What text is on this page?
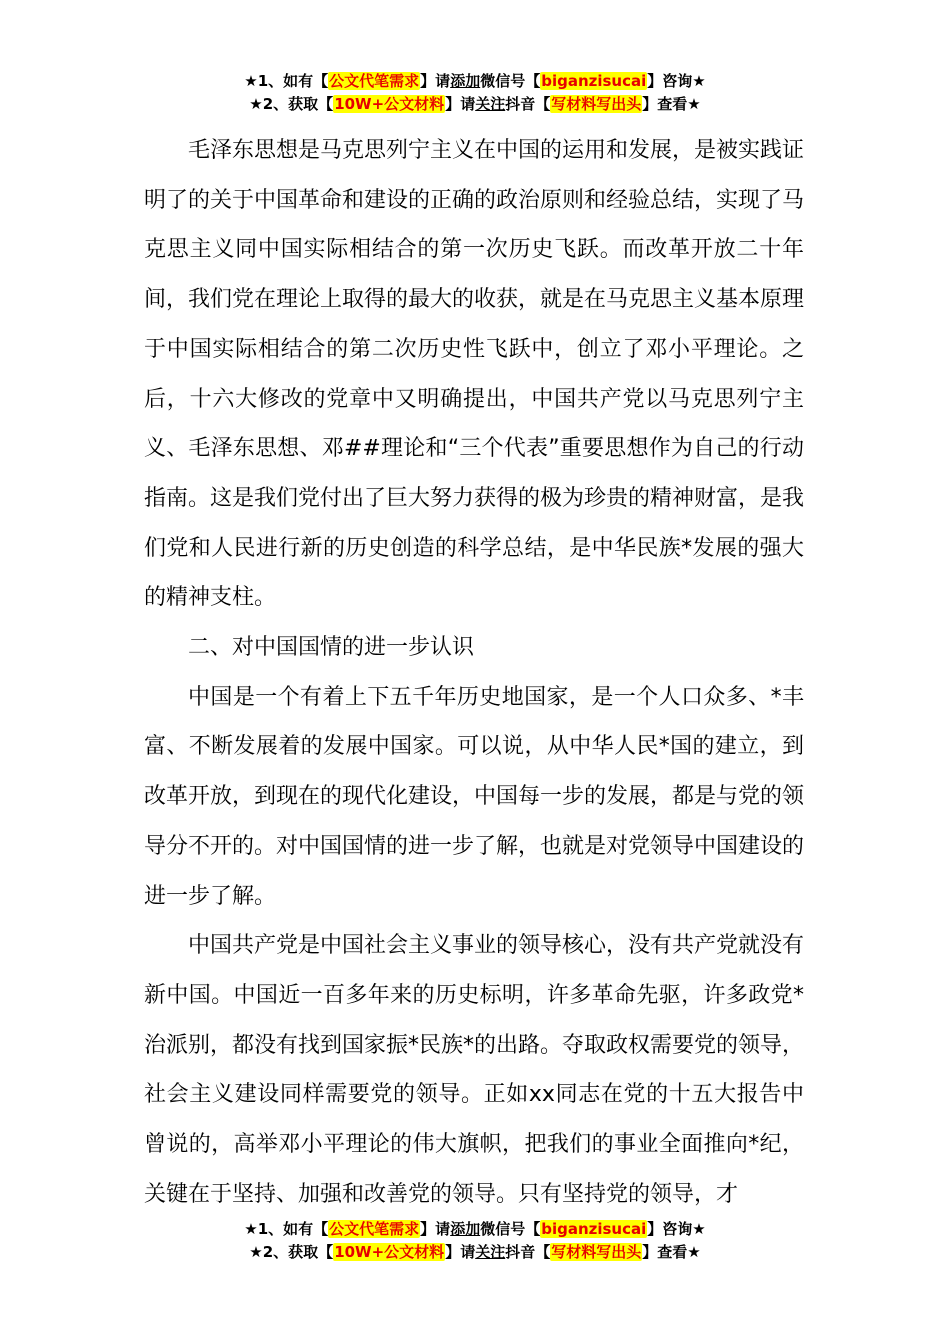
★1、如有【公文代笔需求】请添加微信号【biganzisucai】咨询★
★2、获取【10W+公文材料】请关注抖音【写材料写出头】查看★

毛泽东思想是马克思列宁主义在中国的运用和发展，是被实践证明了的关于中国革命和建设的正确的政治原则和经验总结，实现了马克思主义同中国实际相结合的第一次历史飞跃。而改革开放二十年间，我们党在理论上取得的最大的收获，就是在马克思主义基本原理于中国实际相结合的第二次历史性飞跃中，创立了邓小平理论。之后，十六大修改的党章中又明确提出，中国共产党以马克思列宁主义、毛泽东思想、邓##理论和“三个代表”重要思想作为自己的行动指南。这是我们党付出了巨大努力获得的极为珍贵的精神财富，是我们党和人民进行新的历史创造的科学总结，是中华民族*发展的强大的精神支柱。

二、对中国国情的进一步认识

中国是一个有着上下五千年历史地国家，是一个人口众多、*丰富、不断发展着的发展中国家。可以说，从中华人民*国的建立，到改革开放，到现在的现代化建设，中国每一步的发展，都是与党的领导分不开的。对中国国情的进一步了解，也就是对党领导中国建设的进一步了解。

中国共产党是中国社会主义事业的领导核心，没有共产党就没有新中国。中国近一百多年来的历史标明，许多革命先驱，许多政党*治派别，都没有找到国家振*民族*的出路。夺取政权需要党的领导，社会主义建设同样需要党的领导。正如xx同志在党的十五大报告中曾说的，高举邓小平理论的伟大旗帜，把我们的事业全面推向*纪，关键在于坚持、加强和改善党的领导。只有坚持党的领导，才

★1、如有【公文代笔需求】请添加微信号【biganzisucai】咨询★
★2、获取【10W+公文材料】请关注抖音【写材料写出头】查看★
